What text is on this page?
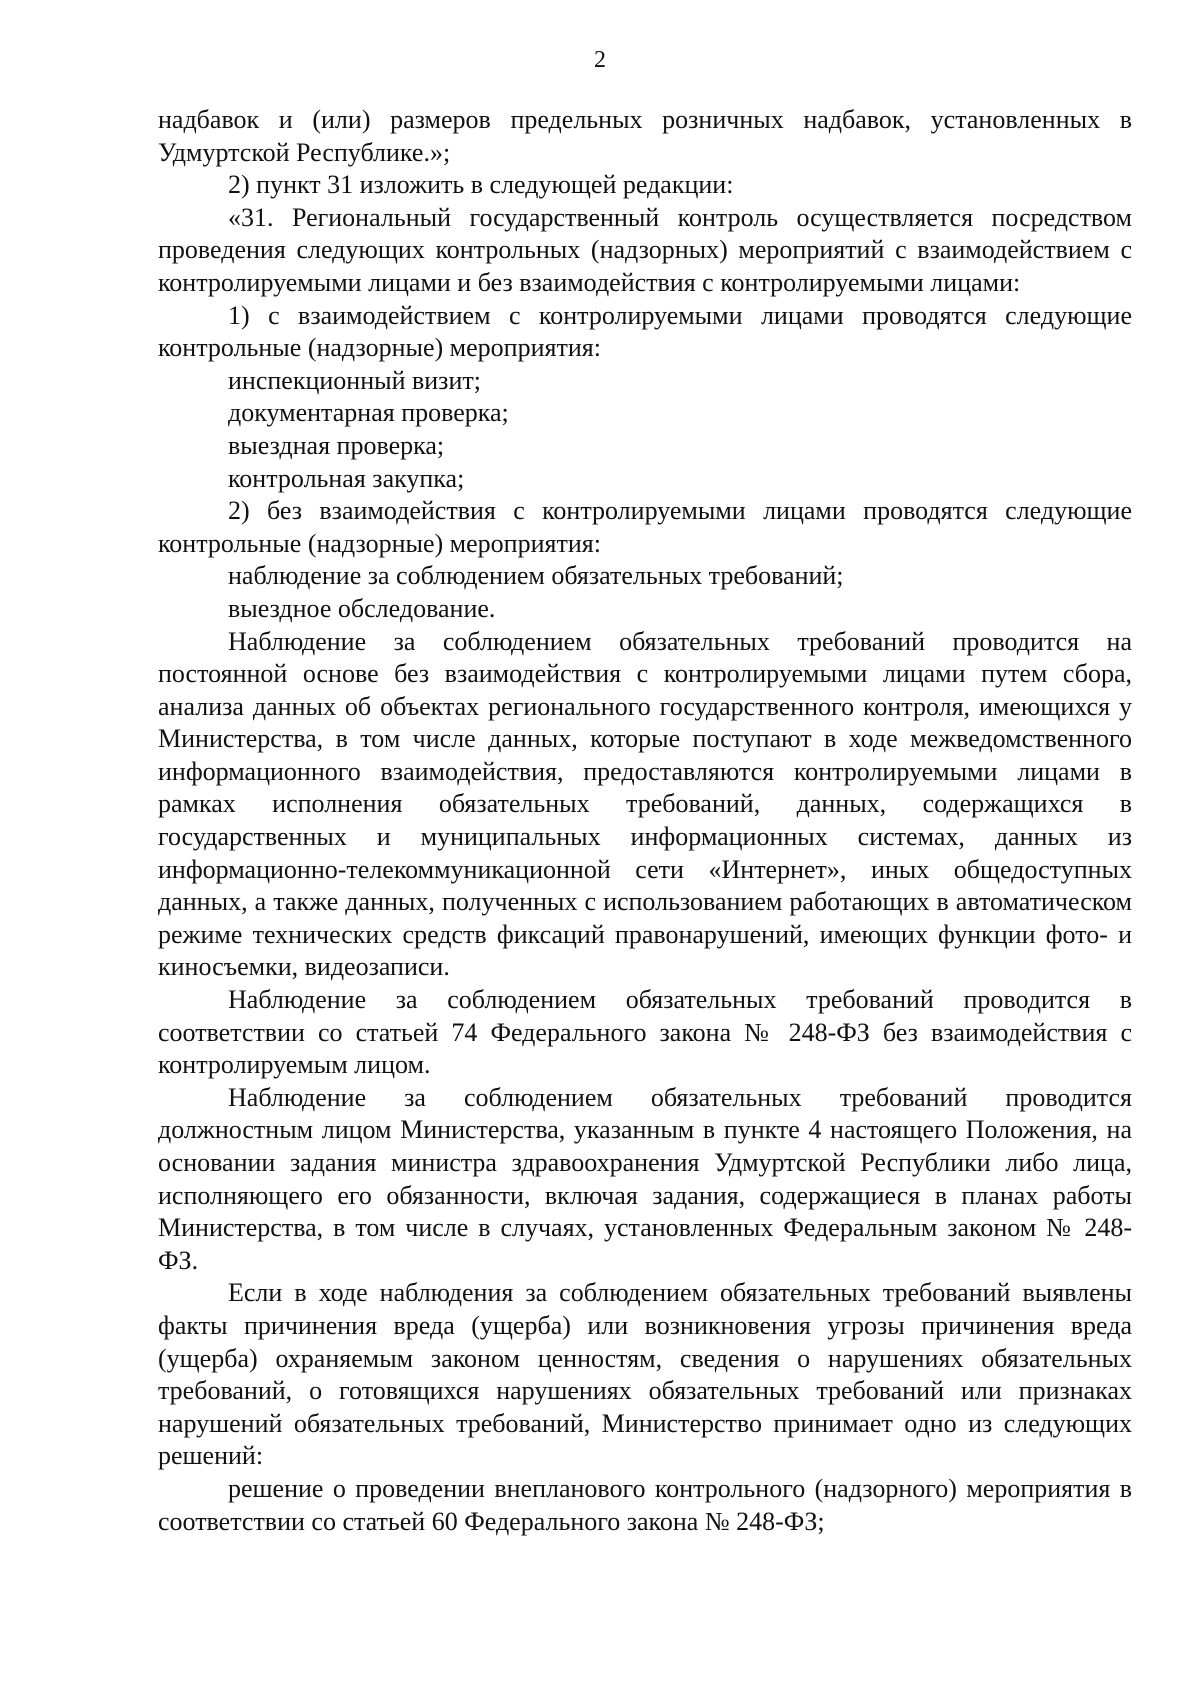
2

надбавок и (или) размеров предельных розничных надбавок, установленных в Удмуртской Республике.»;

2) пункт 31 изложить в следующей редакции:

«31. Региональный государственный контроль осуществляется посредством проведения следующих контрольных (надзорных) мероприятий с взаимодействием с контролируемыми лицами и без взаимодействия с контролируемыми лицами:

1) с взаимодействием с контролируемыми лицами проводятся следующие контрольные (надзорные) мероприятия:

инспекционный визит;

документарная проверка;

выездная проверка;

контрольная закупка;

2) без взаимодействия с контролируемыми лицами проводятся следующие контрольные (надзорные) мероприятия:

наблюдение за соблюдением обязательных требований;

выездное обследование.

Наблюдение за соблюдением обязательных требований проводится на постоянной основе без взаимодействия с контролируемыми лицами путем сбора, анализа данных об объектах регионального государственного контроля, имеющихся у Министерства, в том числе данных, которые поступают в ходе межведомственного информационного взаимодействия, предоставляются контролируемыми лицами в рамках исполнения обязательных требований, данных, содержащихся в государственных и муниципальных информационных системах, данных из информационно-телекоммуникационной сети «Интернет», иных общедоступных данных, а также данных, полученных с использованием работающих в автоматическом режиме технических средств фиксаций правонарушений, имеющих функции фото- и киносъемки, видеозаписи.

Наблюдение за соблюдением обязательных требований проводится в соответствии со статьей 74 Федерального закона № 248-ФЗ без взаимодействия с контролируемым лицом.

Наблюдение за соблюдением обязательных требований проводится должностным лицом Министерства, указанным в пункте 4 настоящего Положения, на основании задания министра здравоохранения Удмуртской Республики либо лица, исполняющего его обязанности, включая задания, содержащиеся в планах работы Министерства, в том числе в случаях, установленных Федеральным законом № 248-ФЗ.

Если в ходе наблюдения за соблюдением обязательных требований выявлены факты причинения вреда (ущерба) или возникновения угрозы причинения вреда (ущерба) охраняемым законом ценностям, сведения о нарушениях обязательных требований, о готовящихся нарушениях обязательных требований или признаках нарушений обязательных требований, Министерство принимает одно из следующих решений:

решение о проведении внепланового контрольного (надзорного) мероприятия в соответствии со статьей 60 Федерального закона № 248-ФЗ;
